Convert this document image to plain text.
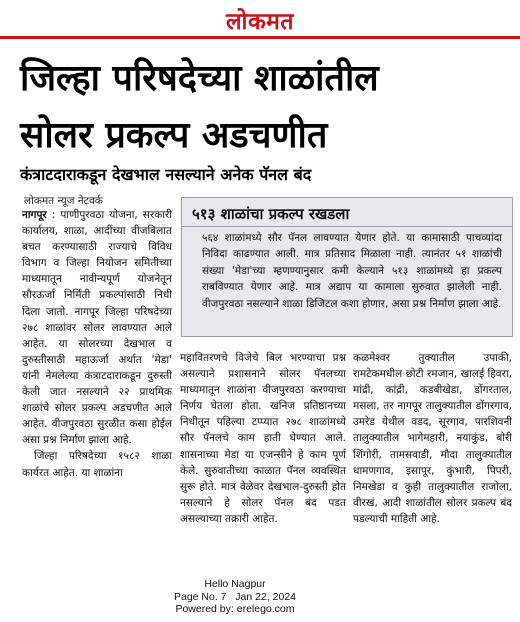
लोकमत
जिल्हा परिषदेच्या शाळांतील
सोलर प्रकल्प अडचणीत
कंत्राटदाराकडून देखभाल नसल्याने अनेक पॅनल बंद
लोकमत न्यूज नेटवर्क
नागपूर : पाणीपुरवठा योजना, सरकारी कार्यालय, शाळा, आदींच्या वीजबिलात बचत करण्यासाठी राज्याचे विविध विभाग व जिल्हा नियोजन समितीच्या माध्यमातून नावीन्यपूर्ण योजनेतून सौरऊर्जा निर्मिती प्रकल्पांसाठी निधी दिला जातो. नागपूर जिल्हा परिषदेच्या २७८ शाळांवर सोलर लावण्यात आले आहेत. या सोलरच्या देखभाल व दुरुस्तीसाठी महाऊर्जा अर्थात 'मेडा' यांनी नेमलेल्या कंत्राटदाराकडून दुरुस्ती केली जात नसल्याने २२ प्राथमिक शाळांचे सोलर प्रकल्प अडचणीत आले आहेत. वीजपुरवठा सुरळीत कसा होईल असा प्रश्न निर्माण झाला आहे.
जिल्हा परिषदेच्या १५८२ शाळा कार्यरत आहेत. या शाळांना
५१३ शाळांचा प्रकल्प रखडला
५६४ शाळांमध्ये सौर पॅनल लावण्यात येणार होते. या कामासाठी पाचव्यांदा निविदा काढण्यात आली. मात्र प्रतिसाद मिळाला नाही. त्यानंतर ५१ शाळांची संख्या 'मेडा'च्या म्हणण्यानुसार कमी केल्याने ५१३ शाळांमध्ये हा प्रकल्प राबविण्यात येणार आहे. मात्र अद्याप या कामाला सुरुवात झालेली नाही. वीजपुरवठा नसल्याने शाळा डिजिटल कशा होणार, असा प्रश्न निर्माण झाला आहे.
महावितरणचे विजेचे बिल भरण्याचा प्रश्न असल्याने प्रशासनाने सोलर पॅनलच्या माध्यमातून शाळांना वीजपुरवठा करण्याचा निर्णय घेतला होता. खनिज प्रतिष्ठानच्या निधीतून पहिल्या टप्प्यात २७८ शाळांमध्ये सौर पॅनलचे काम हाती घेण्यात आले. शासनाच्या मेडा या एजन्सीने हे काम पूर्ण केले. सुरुवातीच्या काळात पॅनल व्यवस्थित सुरू होते. मात्र वेळेवर देखभाल-दुरुस्ती होत नसल्याने हे सोलर पॅनल बंद पडत असल्याच्या तक्रारी आहेत.
कळमेश्वर तुक्यातील उपाकी, रामटेकमधील छोटी रमजान, खालई हिवरा, मांद्री, कांद्री, कडबीखेडा, डोंगरताल, मसला, तर नागपूर तालुक्यातील डोंगरगाव, उमरेड येथील वडद, सूरगाव, पारशिवनी तालुक्यातील भागेमहारी, नयाकुंड, बोरी शिंगोरी, तामसवाडी, मौदा तालुक्यातील धामणगाव, इसापूर, कुंभारी, पिपरी, निमखेडा व कुही तालुक्यातील राजोला, वीरखं, आदी शाळांतील सोलर प्रकल्प बंद पडल्याची माहिती आहे.
Hello Nagpur
Page No. 7 Jan 22, 2024
Powered by: erelego.com
